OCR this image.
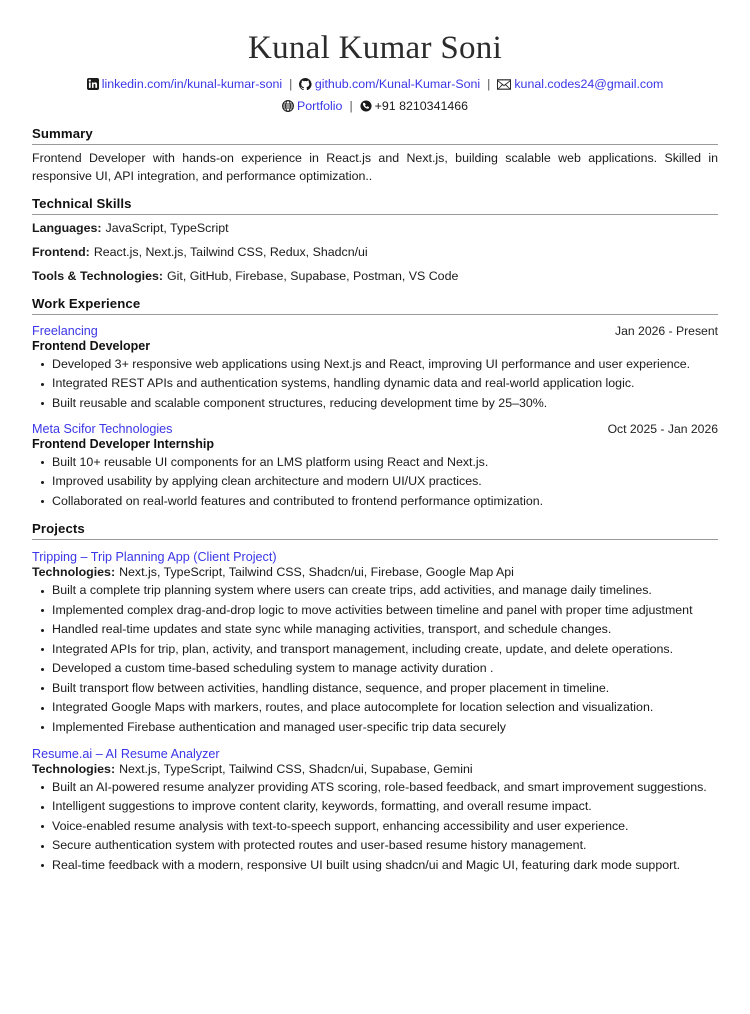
Kunal Kumar Soni
linkedin.com/in/kunal-kumar-soni |	github.com/Kunal-Kumar-Soni |	kunal.codes24@gmail.com
Portfolio |	+91 8210341466
Summary

Frontend Developer with hands-on experience in React.js and Next.js, building scalable web applications. Skilled in responsive UI, API integration, and performance optimization..

Technical Skills
Languages: JavaScript, TypeScript
Frontend: React.js, Next.js, Tailwind CSS, Redux, Shadcn/ui
Tools & Technologies: Git, GitHub, Firebase, Supabase, Postman, VS Code
Work Experience
Freelancing	Jan 2026 - Present
Frontend Developer
Developed 3+ responsive web applications using Next.js and React, improving UI performance and user experience.
Integrated REST APIs and authentication systems, handling dynamic data and real-world application logic.
Built reusable and scalable component structures, reducing development time by 25–30%.
Meta Scifor Technologies	Oct 2025 - Jan 2026
Frontend Developer Internship
Built 10+ reusable UI components for an LMS platform using React and Next.js.
Improved usability by applying clean architecture and modern UI/UX practices.
Collaborated on real-world features and contributed to frontend performance optimization.
Projects
Tripping – Trip Planning App (Client Project)
Technologies: Next.js, TypeScript, Tailwind CSS, Shadcn/ui, Firebase, Google Map Api
Built a complete trip planning system where users can create trips, add activities, and manage daily timelines.
Implemented complex drag-and-drop logic to move activities between timeline and panel with proper time adjustment
Handled real-time updates and state sync while managing activities, transport, and schedule changes.
Integrated APIs for trip, plan, activity, and transport management, including create, update, and delete operations.
Developed a custom time-based scheduling system to manage activity duration .
Built transport flow between activities, handling distance, sequence, and proper placement in timeline.
Integrated Google Maps with markers, routes, and place autocomplete for location selection and visualization.
Implemented Firebase authentication and managed user-specific trip data securely
Resume.ai – AI Resume Analyzer
Technologies: Next.js, TypeScript, Tailwind CSS, Shadcn/ui, Supabase, Gemini
Built an AI-powered resume analyzer providing ATS scoring, role-based feedback, and smart improvement suggestions.
Intelligent suggestions to improve content clarity, keywords, formatting, and overall resume impact.
Voice-enabled resume analysis with text-to-speech support, enhancing accessibility and user experience.
Secure authentication system with protected routes and user-based resume history management.
Real-time feedback with a modern, responsive UI built using shadcn/ui and Magic UI, featuring dark mode support.
